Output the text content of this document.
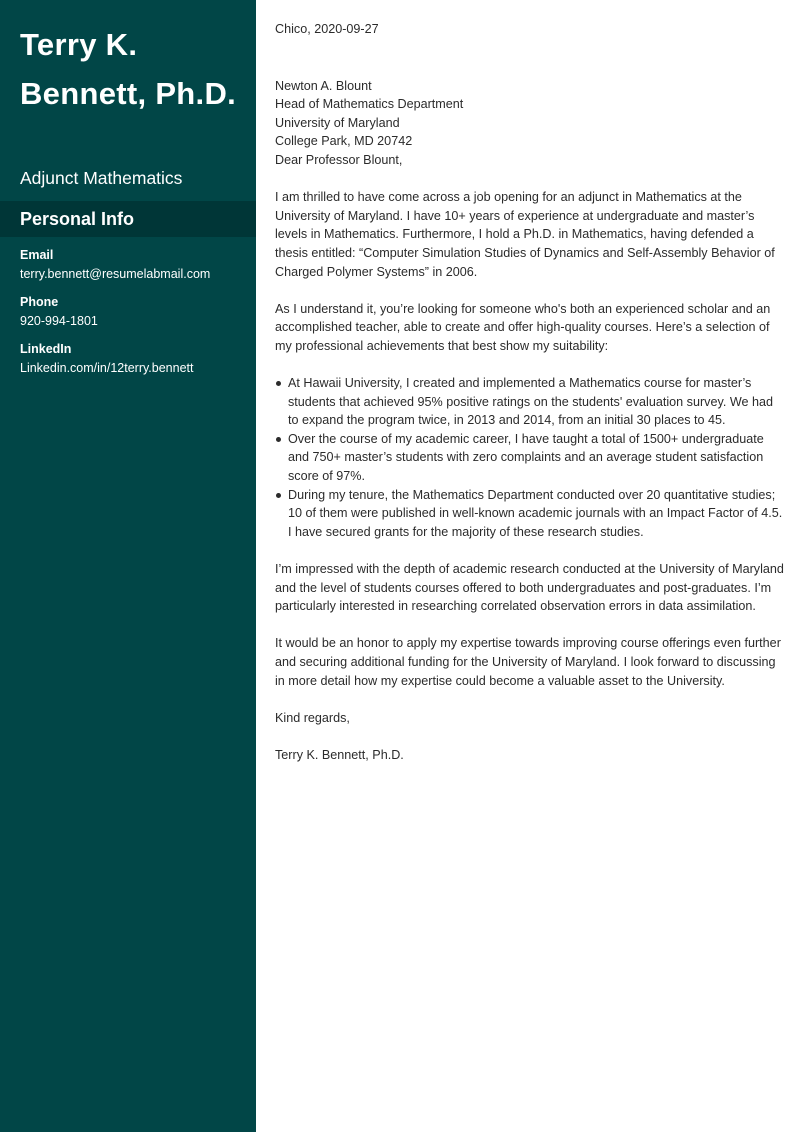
Terry K. Bennett, Ph.D.
Adjunct Mathematics
Personal Info
Email
terry.bennett@resumelabmail.com
Phone
920-994-1801
LinkedIn
Linkedin.com/in/12terry.bennett

Chico, 2020-09-27

Newton A. Blount

Head of Mathematics Department

University of Maryland

College Park, MD 20742

Dear Professor Blount,

I am thrilled to have come across a job opening for an adjunct in Mathematics at the University of Maryland. I have 10+ years of experience at undergraduate and master’s levels in Mathematics. Furthermore, I hold a Ph.D. in Mathematics, having defended a thesis entitled: “Computer Simulation Studies of Dynamics and Self-Assembly Behavior of Charged Polymer Systems” in 2006.

As I understand it, you’re looking for someone who's both an experienced scholar and an accomplished teacher, able to create and offer high-quality courses. Here’s a selection of my professional achievements that best show my suitability:

At Hawaii University, I created and implemented a Mathematics course for master’s students that achieved 95% positive ratings on the students' evaluation survey. We had to expand the program twice, in 2013 and 2014, from an initial 30 places to 45.
Over the course of my academic career, I have taught a total of 1500+ undergraduate and 750+ master’s students with zero complaints and an average student satisfaction score of 97%.
During my tenure, the Mathematics Department conducted over 20 quantitative studies; 10 of them were published in well-known academic journals with an Impact Factor of 4.5. I have secured grants for the majority of these research studies.

I’m impressed with the depth of academic research conducted at the University of Maryland and the level of students courses offered to both undergraduates and post-graduates. I’m particularly interested in researching correlated observation errors in data assimilation.

It would be an honor to apply my expertise towards improving course offerings even further and securing additional funding for the University of Maryland. I look forward to discussing in more detail how my expertise could become a valuable asset to the University.

Kind regards,

Terry K. Bennett, Ph.D.
